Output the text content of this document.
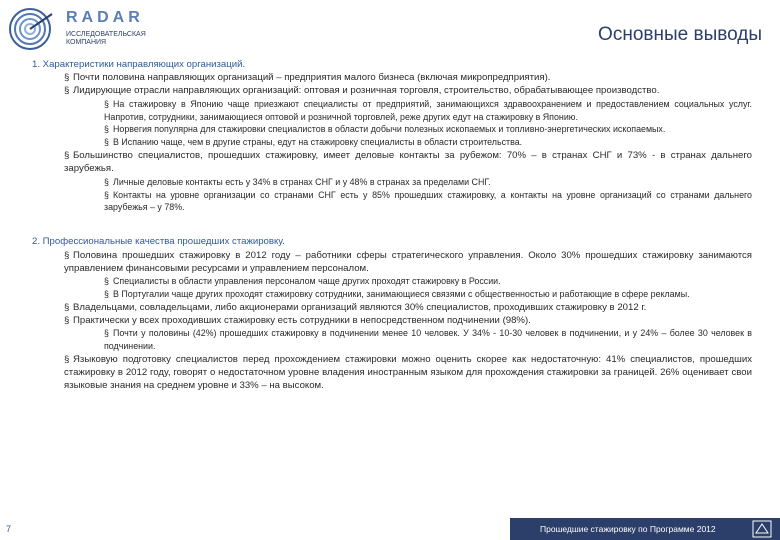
RADAR
ИССЛЕДОВАТЕЛЬСКАЯ КОМПАНИЯ	Основные выводы
1. Характеристики направляющих организаций.
§ Почти половина направляющих организаций – предприятия малого бизнеса (включая микропредприятия).
§ Лидирующие отрасли направляющих организаций: оптовая и розничная торговля, строительство, обрабатывающее производство.
§ На стажировку в Японию чаще приезжают специалисты от предприятий, занимающихся здравоохранением и предоставлением социальных услуг. Напротив, сотрудники, занимающиеся оптовой и розничной торговлей, реже других едут на стажировку в Японию.
§ Норвегия популярна для стажировки специалистов в области добычи полезных ископаемых и топливно-энергетических ископаемых.
§ В Испанию чаще, чем в другие страны, едут на стажировку специалисты в области строительства.
§ Большинство специалистов, прошедших стажировку, имеет деловые контакты за рубежом: 70% – в странах СНГ и 73% - в странах дальнего зарубежья.
§ Личные деловые контакты есть у 34% в странах СНГ и у 48% в странах за пределами СНГ.
§ Контакты на уровне организации со странами СНГ есть у 85% прошедших стажировку, а контакты на уровне организаций со странами дальнего зарубежья – у 78%.
2. Профессиональные качества прошедших стажировку.
§ Половина прошедших стажировку в 2012 году – работники сферы стратегического управления. Около 30% прошедших стажировку занимаются управлением финансовыми ресурсами и управлением персоналом.
§ Специалисты в области управления персоналом чаще других проходят стажировку в России.
§ В Португалии чаще других проходят стажировку сотрудники, занимающиеся связями с общественностью и работающие в сфере рекламы.
§ Владельцами, совладельцами, либо акционерами организаций являются 30% специалистов, проходивших стажировку в 2012 г.
§ Практически у всех проходивших стажировку есть сотрудники в непосредственном подчинении (98%).
§ Почти у половины (42%) прошедших стажировку в подчинении менее 10 человек. У 34% - 10-30 человек в подчинении, и у 24% – более 30 человек в подчинении.
§ Языковую подготовку специалистов перед прохождением стажировки можно оценить скорее как недостаточную: 41% специалистов, прошедших стажировку в 2012 году, говорят о недостаточном уровне владения иностранным языком для прохождения стажировки за границей. 26% оценивает свои языковые знания на среднем уровне и 33% – на высоком.
7	Прошедшие стажировку по Программе 2012
